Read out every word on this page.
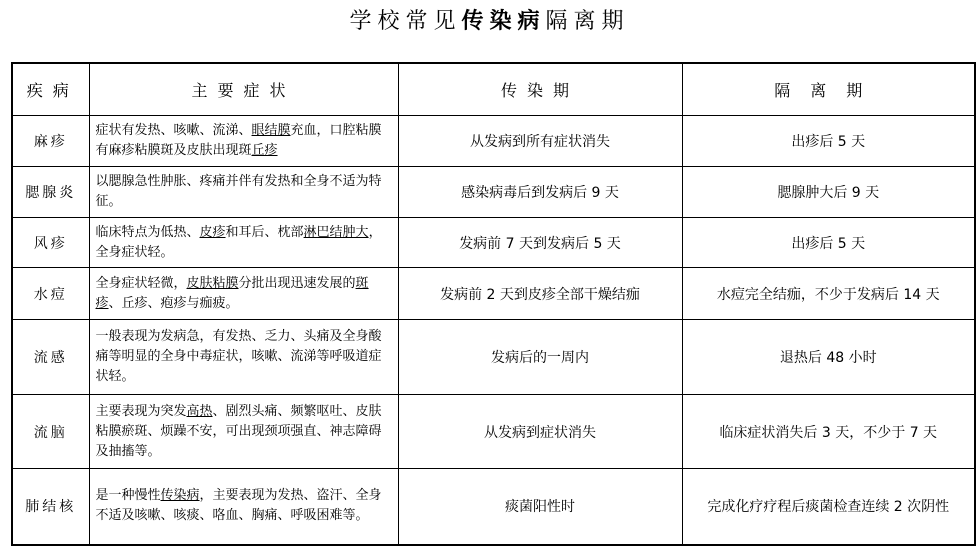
学校常见传染病隔离期
疾病	主要症状	传染期	隔离期
麻疹	症状有发热、咳嗽、流涕、眼结膜充血，口腔粘膜有麻疹粘膜斑及皮肤出现斑丘疹	从发病到所有症状消失	出疹后 5 天
腮腺炎	以腮腺急性肿胀、疼痛并伴有发热和全身不适为特征。	感染病毒后到发病后 9 天	腮腺肿大后 9 天
风疹	临床特点为低热、皮疹和耳后、枕部淋巴结肿大，全身症状轻。	发病前 7 天到发病后 5 天	出疹后 5 天
水痘	全身症状轻微，皮肤粘膜分批出现迅速发展的斑疹、丘疹、疱疹与痂疲。	发病前 2 天到皮疹全部干燥结痂	水痘完全结痂，不少于发病后 14 天
流感	一般表现为发病急，有发热、乏力、头痛及全身酸痛等明显的全身中毒症状，咳嗽、流涕等呼吸道症状轻。	发病后的一周内	退热后 48 小时
流脑	主要表现为突发高热、剧烈头痛、频繁呕吐、皮肤粘膜瘀斑、烦躁不安，可出现颈项强直、神志障碍及抽搐等。	从发病到症状消失	临床症状消失后 3 天，不少于 7 天
肺结核	是一种慢性传染病，主要表现为发热、盗汗、全身不适及咳嗽、咳痰、咯血、胸痛、呼吸困难等。	痰菌阳性时	完成化疗疗程后痰菌检查连续 2 次阴性
